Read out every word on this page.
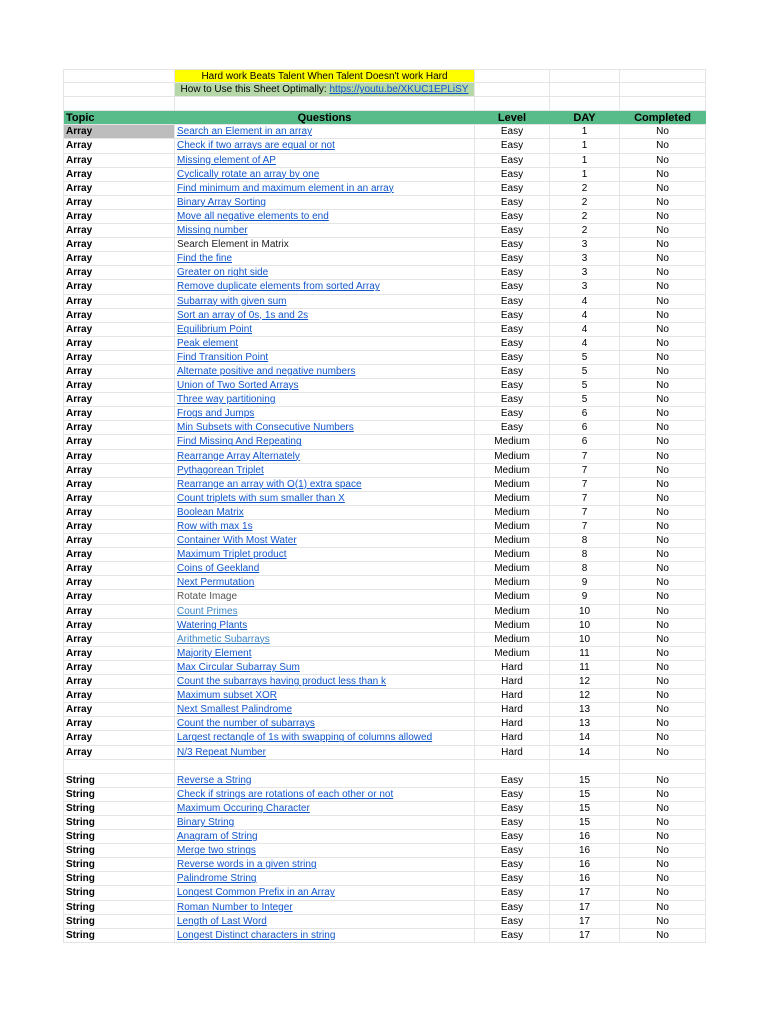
Hard work Beats Talent When Talent Doesn't work Hard
How to Use this Sheet Optimally: https://youtu.be/XKUC1EPLiSY
Topic	Questions	Level	DAY	Completed
Array	Search an Element in an array	Easy	1	No
Array	Check if two arrays are equal or not	Easy	1	No
Array	Missing element of AP	Easy	1	No
Array	Cyclically rotate an array by one	Easy	1	No
Array	Find minimum and maximum element in an array	Easy	2	No
Array	Binary Array Sorting	Easy	2	No
Array	Move all negative elements to end	Easy	2	No
Array	Missing number	Easy	2	No
Array	Search Element in Matrix	Easy	3	No
Array	Find the fine	Easy	3	No
Array	Greater on right side	Easy	3	No
Array	Remove duplicate elements from sorted Array	Easy	3	No
Array	Subarray with given sum	Easy	4	No
Array	Sort an array of 0s, 1s and 2s	Easy	4	No
Array	Equilibrium Point	Easy	4	No
Array	Peak element	Easy	4	No
Array	Find Transition Point	Easy	5	No
Array	Alternate positive and negative numbers	Easy	5	No
Array	Union of Two Sorted Arrays	Easy	5	No
Array	Three way partitioning	Easy	5	No
Array	Frogs and Jumps	Easy	6	No
Array	Min Subsets with Consecutive Numbers	Easy	6	No
Array	Find Missing And Repeating	Medium	6	No
Array	Rearrange Array Alternately	Medium	7	No
Array	Pythagorean Triplet	Medium	7	No
Array	Rearrange an array with O(1) extra space	Medium	7	No
Array	Count triplets with sum smaller than X	Medium	7	No
Array	Boolean Matrix	Medium	7	No
Array	Row with max 1s	Medium	7	No
Array	Container With Most Water	Medium	8	No
Array	Maximum Triplet product	Medium	8	No
Array	Coins of Geekland	Medium	8	No
Array	Next Permutation	Medium	9	No
Array	Rotate Image	Medium	9	No
Array	Count Primes	Medium	10	No
Array	Watering Plants	Medium	10	No
Array	Arithmetic Subarrays	Medium	10	No
Array	Majority Element	Medium	11	No
Array	Max Circular Subarray Sum	Hard	11	No
Array	Count the subarrays having product less than k	Hard	12	No
Array	Maximum subset XOR	Hard	12	No
Array	Next Smallest Palindrome	Hard	13	No
Array	Count the number of subarrays	Hard	13	No
Array	Largest rectangle of 1s with swapping of columns allowed	Hard	14	No
Array	N/3 Repeat Number	Hard	14	No
String	Reverse a String	Easy	15	No
String	Check if strings are rotations of each other or not	Easy	15	No
String	Maximum Occuring Character	Easy	15	No
String	Binary String	Easy	15	No
String	Anagram of String	Easy	16	No
String	Merge two strings	Easy	16	No
String	Reverse words in a given string	Easy	16	No
String	Palindrome String	Easy	16	No
String	Longest Common Prefix in an Array	Easy	17	No
String	Roman Number to Integer	Easy	17	No
String	Length of Last Word	Easy	17	No
String	Longest Distinct characters in string	Easy	17	No
